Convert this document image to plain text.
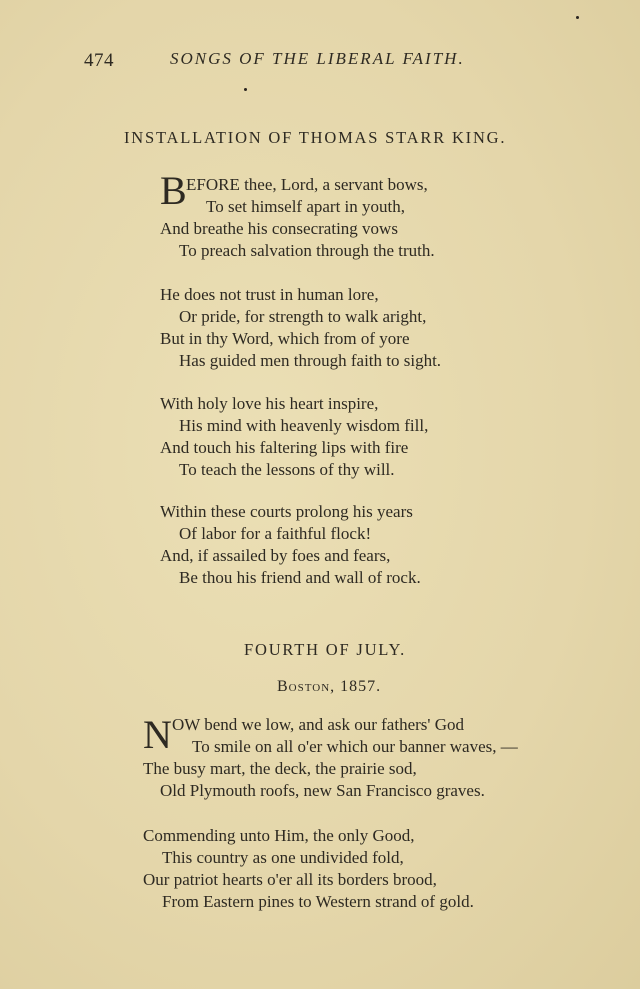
474	SONGS OF THE LIBERAL FAITH.
INSTALLATION OF THOMAS STARR KING.
B EFORE thee, Lord, a servant bows,
To set himself apart in youth,
And breathe his consecrating vows
To preach salvation through the truth.
He does not trust in human lore,
Or pride, for strength to walk aright,
But in thy Word, which from of yore
Has guided men through faith to sight.
With holy love his heart inspire,
His mind with heavenly wisdom fill,
And touch his faltering lips with fire
To teach the lessons of thy will.
Within these courts prolong his years
Of labor for a faithful flock!
And, if assailed by foes and fears,
Be thou his friend and wall of rock.
FOURTH OF JULY.
Boston, 1857.
N OW bend we low, and ask our fathers' God
To smile on all o'er which our banner waves, —
The busy mart, the deck, the prairie sod,
Old Plymouth roofs, new San Francisco graves.
Commending unto Him, the only Good,
This country as one undivided fold,
Our patriot hearts o'er all its borders brood,
From Eastern pines to Western strand of gold.
